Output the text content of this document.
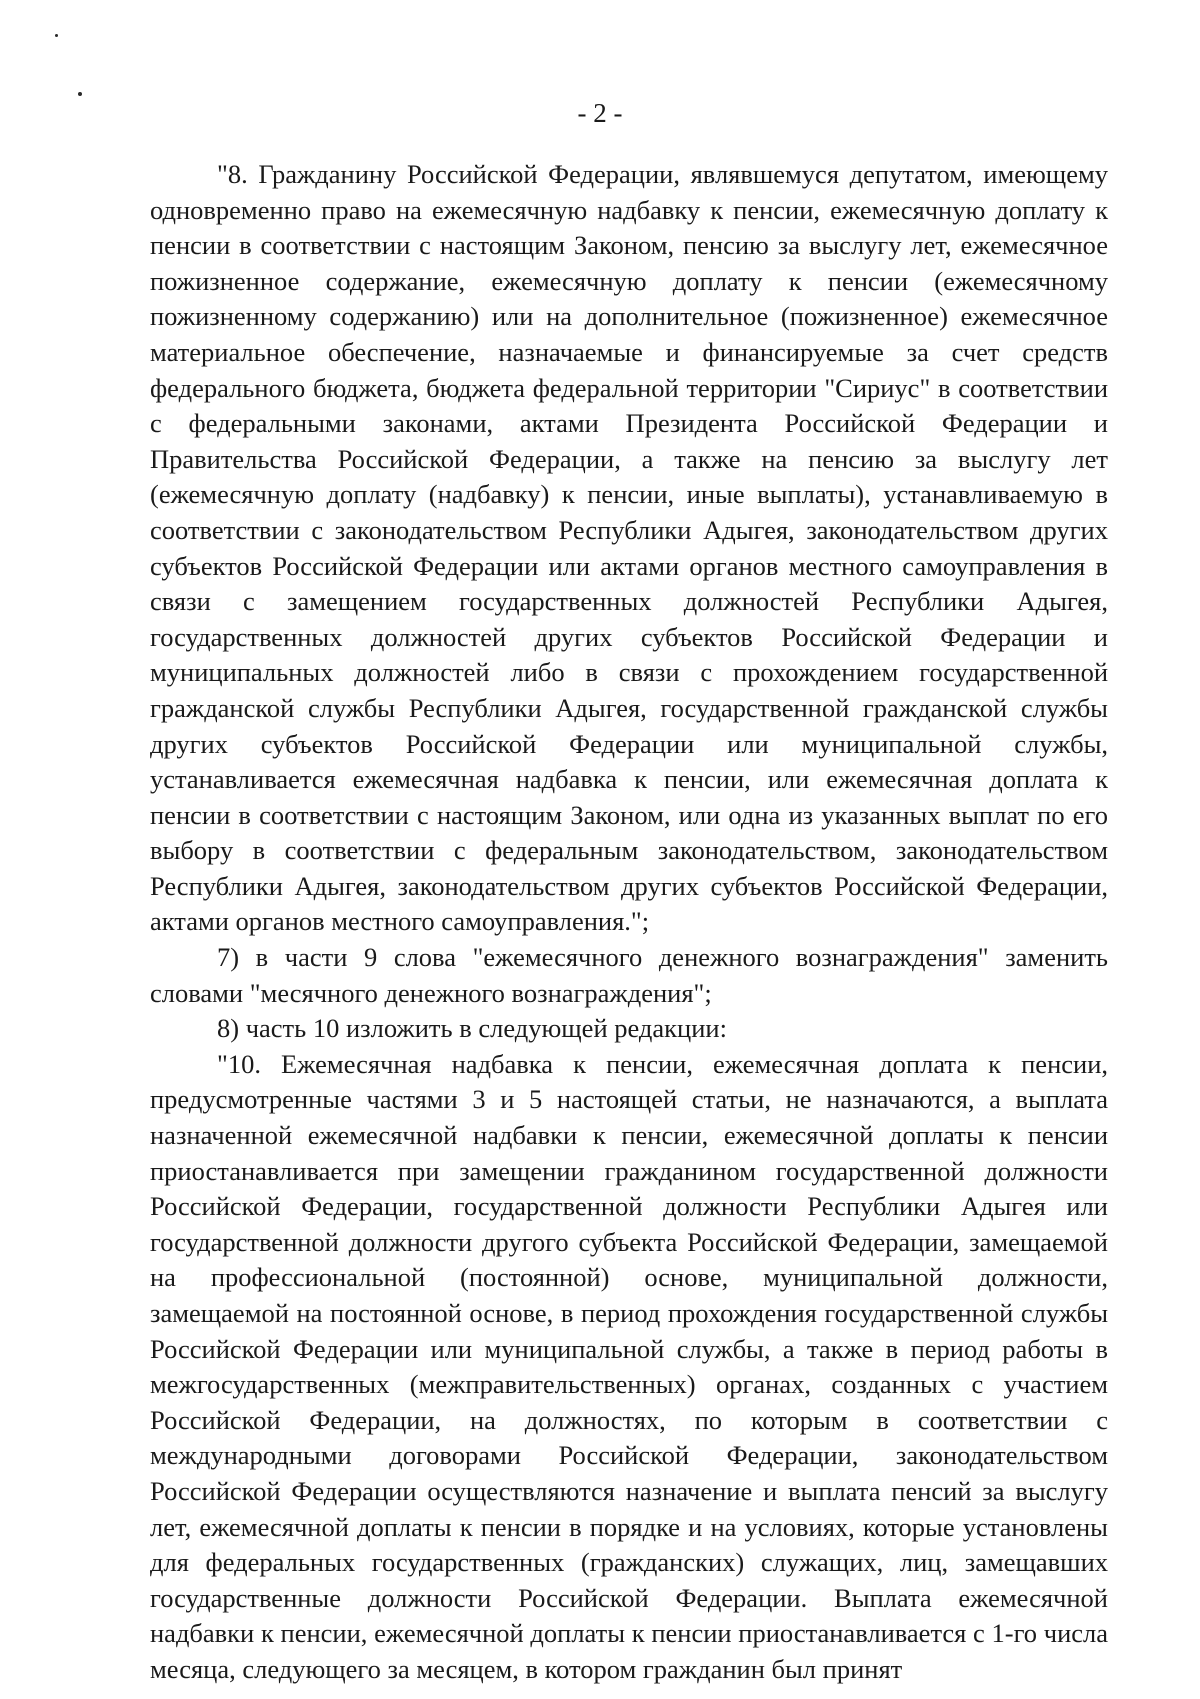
- 2 -

"8. Гражданину Российской Федерации, являвшемуся депутатом, имеющему одновременно право на ежемесячную надбавку к пенсии, ежемесячную доплату к пенсии в соответствии с настоящим Законом, пенсию за выслугу лет, ежемесячное пожизненное содержание, ежемесячную доплату к пенсии (ежемесячному пожизненному содержанию) или на дополнительное (пожизненное) ежемесячное материальное обеспечение, назначаемые и финансируемые за счет средств федерального бюджета, бюджета федеральной территории "Сириус" в соответствии с федеральными законами, актами Президента Российской Федерации и Правительства Российской Федерации, а также на пенсию за выслугу лет (ежемесячную доплату (надбавку) к пенсии, иные выплаты), устанавливаемую в соответствии с законодательством Республики Адыгея, законодательством других субъектов Российской Федерации или актами органов местного самоуправления в связи с замещением государственных должностей Республики Адыгея, государственных должностей других субъектов Российской Федерации и муниципальных должностей либо в связи с прохождением государственной гражданской службы Республики Адыгея, государственной гражданской службы других субъектов Российской Федерации или муниципальной службы, устанавливается ежемесячная надбавка к пенсии, или ежемесячная доплата к пенсии в соответствии с настоящим Законом, или одна из указанных выплат по его выбору в соответствии с федеральным законодательством, законодательством Республики Адыгея, законодательством других субъектов Российской Федерации, актами органов местного самоуправления.";

7) в части 9 слова "ежемесячного денежного вознаграждения" заменить словами "месячного денежного вознаграждения";

8) часть 10 изложить в следующей редакции:

"10. Ежемесячная надбавка к пенсии, ежемесячная доплата к пенсии, предусмотренные частями 3 и 5 настоящей статьи, не назначаются, а выплата назначенной ежемесячной надбавки к пенсии, ежемесячной доплаты к пенсии приостанавливается при замещении гражданином государственной должности Российской Федерации, государственной должности Республики Адыгея или государственной должности другого субъекта Российской Федерации, замещаемой на профессиональной (постоянной) основе, муниципальной должности, замещаемой на постоянной основе, в период прохождения государственной службы Российской Федерации или муниципальной службы, а также в период работы в межгосударственных (межправительственных) органах, созданных с участием Российской Федерации, на должностях, по которым в соответствии с международными договорами Российской Федерации, законодательством Российской Федерации осуществляются назначение и выплата пенсий за выслугу лет, ежемесячной доплаты к пенсии в порядке и на условиях, которые установлены для федеральных государственных (гражданских) служащих, лиц, замещавших государственные должности Российской Федерации. Выплата ежемесячной надбавки к пенсии, ежемесячной доплаты к пенсии приостанавливается с 1-го числа месяца, следующего за месяцем, в котором гражданин был принят
